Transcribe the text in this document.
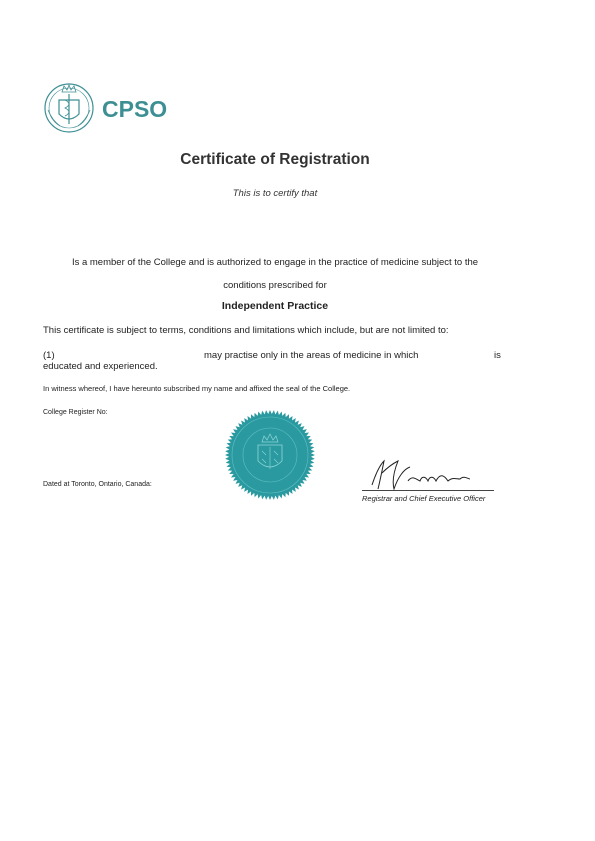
CPSO
Certificate of Registration
This is to certify that
Is a member of the College and is authorized to engage in the practice of medicine subject to the
conditions prescribed for
Independent Practice
This certificate is subject to terms, conditions and limitations which include, but are not limited to:
(1)	may practise only in the areas of medicine in which	is
educated and experienced.
In witness whereof, I have hereunto subscribed my name and affixed the seal of the College.
College Register No:
Dated at Toronto, Ontario, Canada:
Registrar and Chief Executive Officer
